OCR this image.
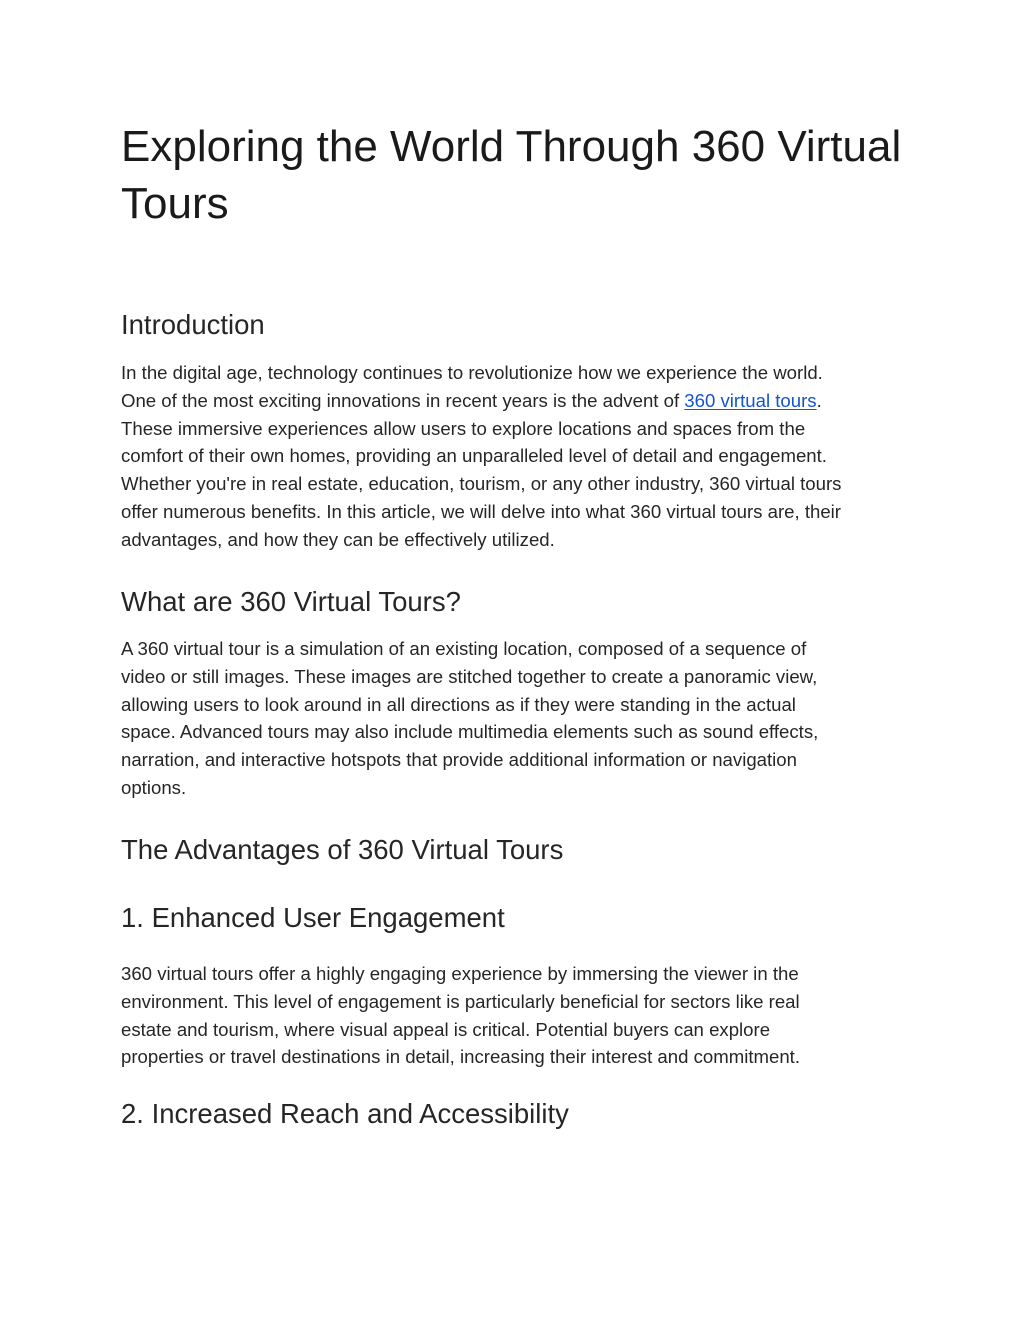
Exploring the World Through 360 Virtual
Tours
Introduction
In the digital age, technology continues to revolutionize how we experience the world.
One of the most exciting innovations in recent years is the advent of 360 virtual tours.
These immersive experiences allow users to explore locations and spaces from the
comfort of their own homes, providing an unparalleled level of detail and engagement.
Whether you're in real estate, education, tourism, or any other industry, 360 virtual tours
offer numerous benefits. In this article, we will delve into what 360 virtual tours are, their
advantages, and how they can be effectively utilized.
What are 360 Virtual Tours?
A 360 virtual tour is a simulation of an existing location, composed of a sequence of
video or still images. These images are stitched together to create a panoramic view,
allowing users to look around in all directions as if they were standing in the actual
space. Advanced tours may also include multimedia elements such as sound effects,
narration, and interactive hotspots that provide additional information or navigation
options.
The Advantages of 360 Virtual Tours
1. Enhanced User Engagement
360 virtual tours offer a highly engaging experience by immersing the viewer in the
environment. This level of engagement is particularly beneficial for sectors like real
estate and tourism, where visual appeal is critical. Potential buyers can explore
properties or travel destinations in detail, increasing their interest and commitment.
2. Increased Reach and Accessibility
